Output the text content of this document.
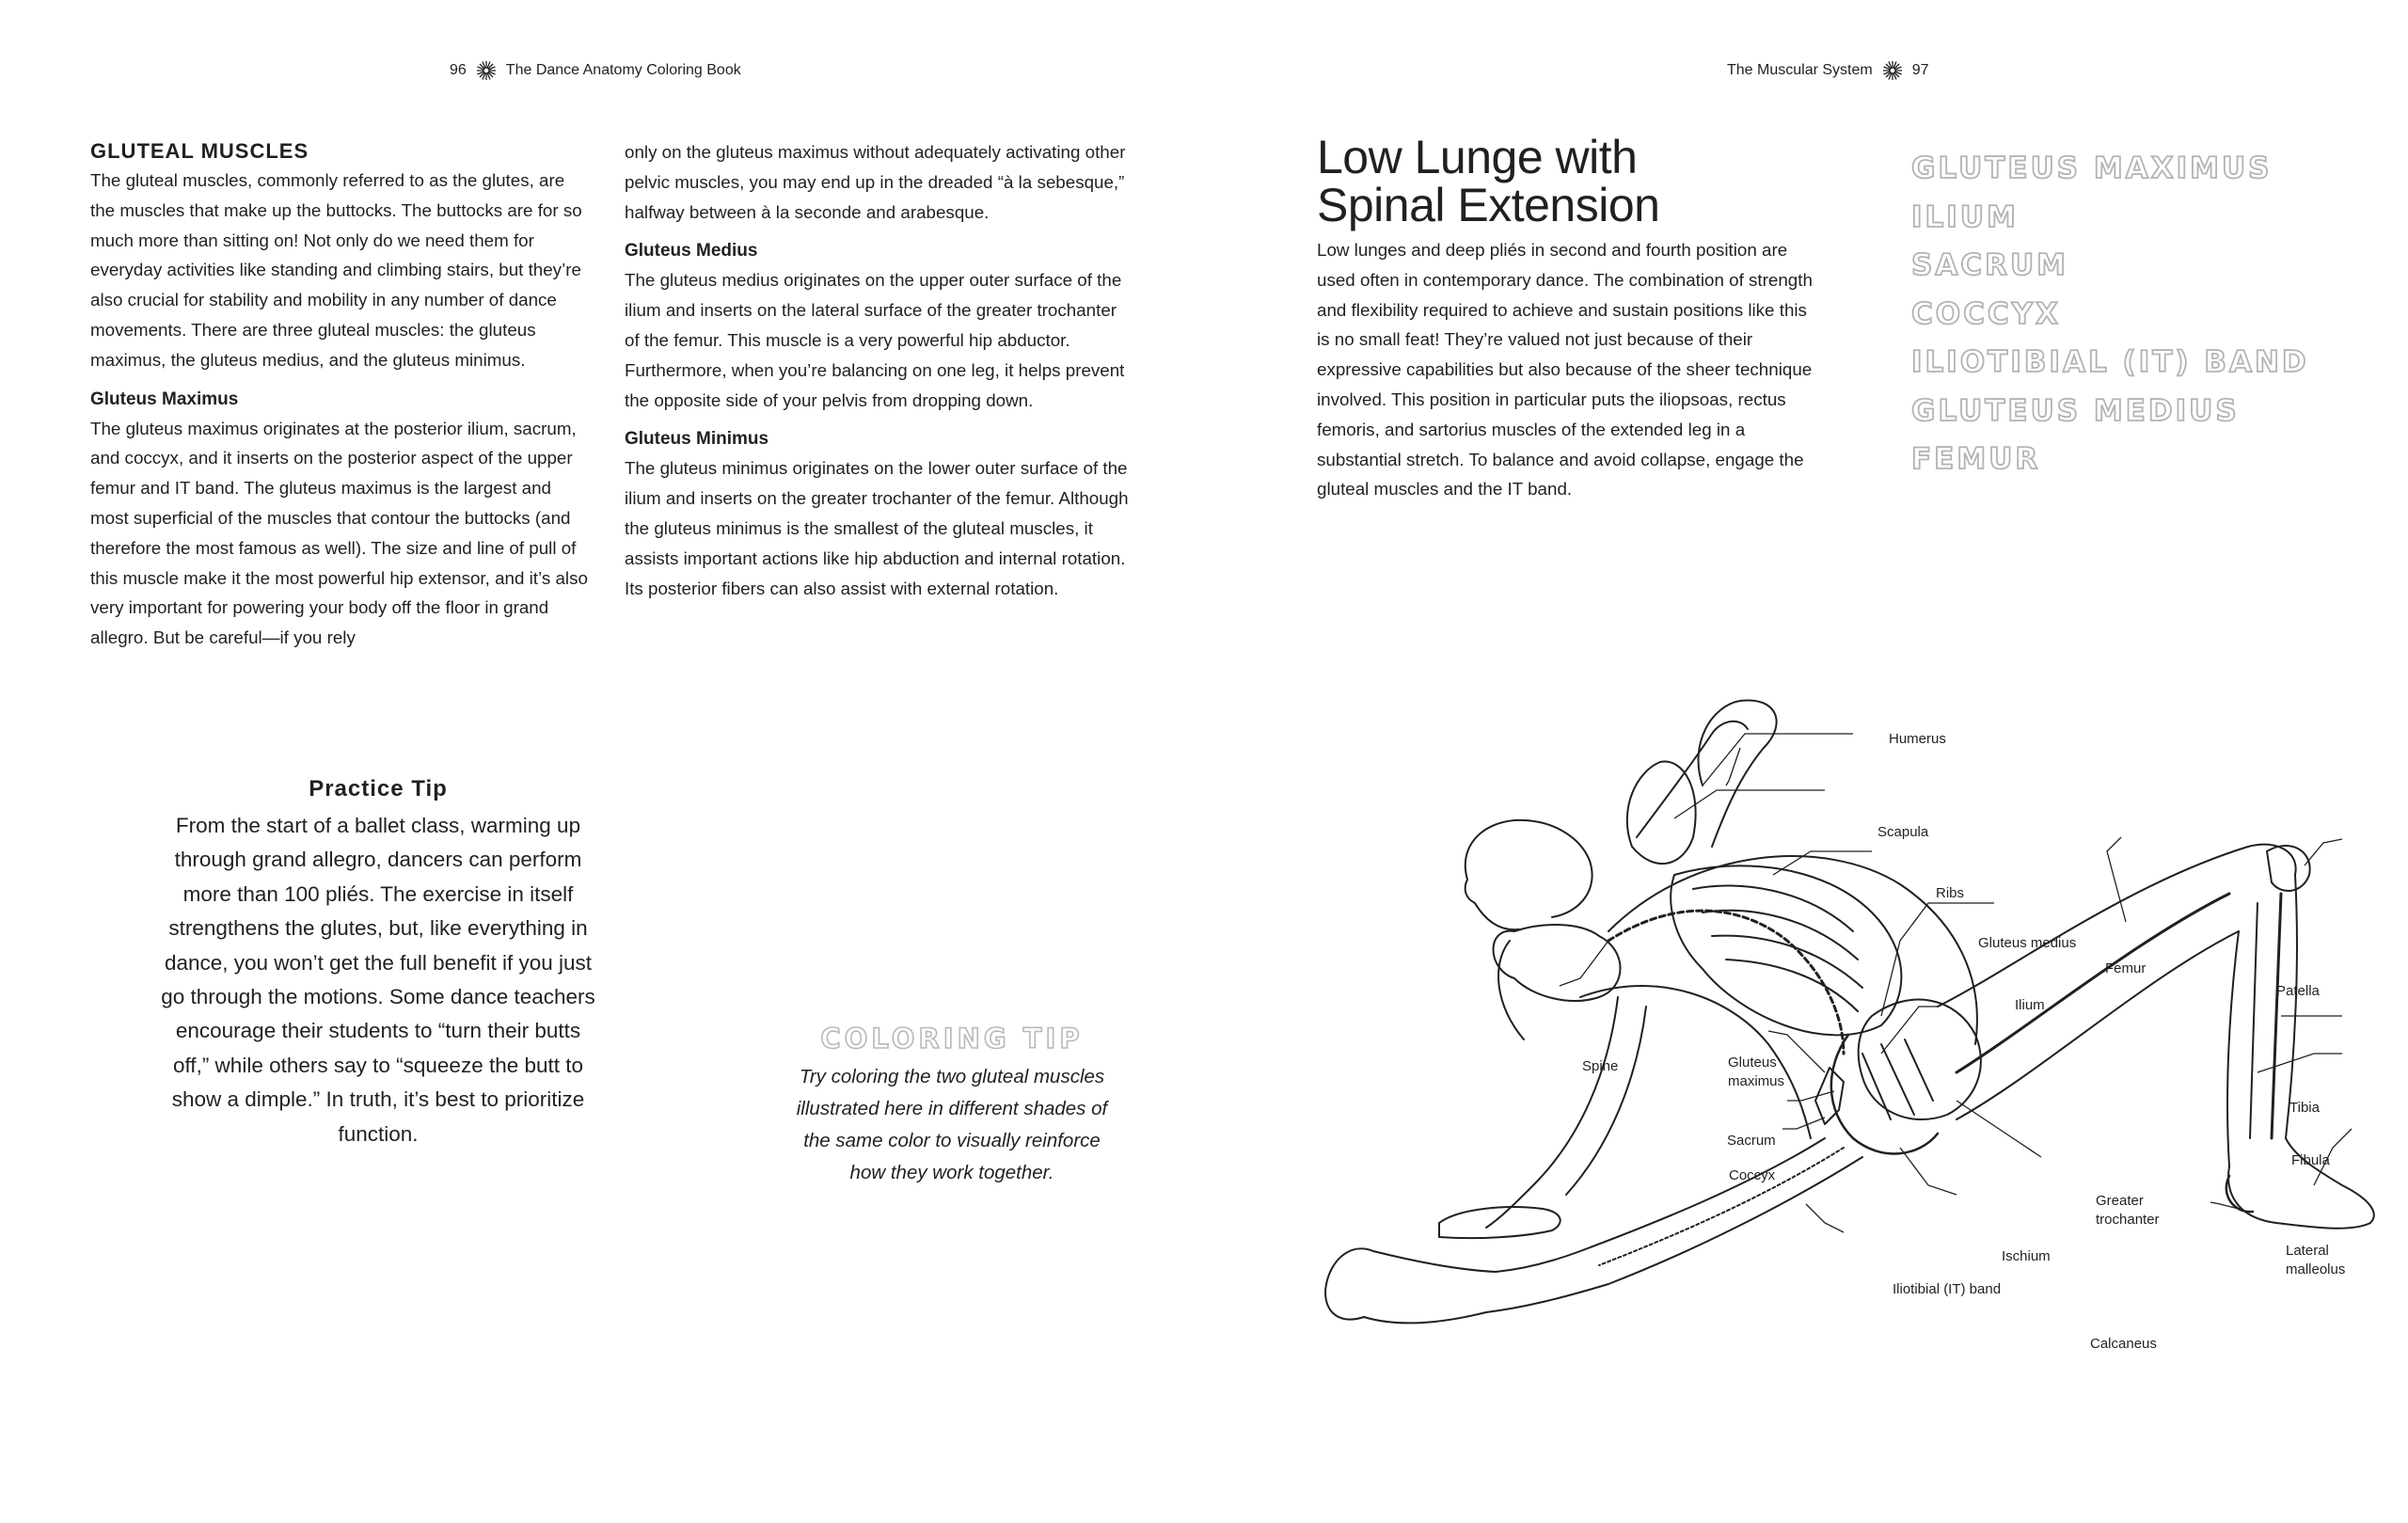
96	The Dance Anatomy Coloring Book

GLUTEAL MUSCLES

The gluteal muscles, commonly referred to as the glutes, are the muscles that make up the buttocks. The buttocks are for so much more than sitting on! Not only do we need them for everyday activities like standing and climbing stairs, but they’re also crucial for stability and mobility in any number of dance movements. There are three gluteal muscles: the gluteus maximus, the gluteus medius, and the gluteus minimus.

Gluteus Maximus

The gluteus maximus originates at the posterior ilium, sacrum, and coccyx, and it inserts on the posterior aspect of the upper femur and IT band. The gluteus maximus is the largest and most superficial of the muscles that contour the buttocks (and therefore the most famous as well). The size and line of pull of this muscle make it the most powerful hip extensor, and it’s also very important for powering your body off the floor in grand allegro. But be careful—if you rely

only on the gluteus maximus without adequately activating other pelvic muscles, you may end up in the dreaded “à la sebesque,” halfway between à la seconde and arabesque.

Gluteus Medius

The gluteus medius originates on the upper outer surface of the ilium and inserts on the lateral surface of the greater trochanter of the femur. This muscle is a very powerful hip abductor. Furthermore, when you’re balancing on one leg, it helps prevent the opposite side of your pelvis from dropping down.

Gluteus Minimus

The gluteus minimus originates on the lower outer surface of the ilium and inserts on the greater trochanter of the femur. Although the gluteus minimus is the smallest of the gluteal muscles, it assists important actions like hip abduction and internal rotation. Its posterior fibers can also assist with external rotation.

Practice Tip
From the start of a ballet class, warming up through grand allegro, dancers can perform more than 100 pliés. The exercise in itself strengthens the glutes, but, like everything in dance, you won’t get the full benefit if you just go through the motions. Some dance teachers encourage their students to “turn their butts off,” while others say to “squeeze the butt to show a dimple.” In truth, it’s best to prioritize function.
COLORING TIP
Try coloring the two gluteal muscles illustrated here in different shades of the same color to visually reinforce how they work together.
The Muscular System	97
Low Lunge with
Spinal Extension

Low lunges and deep pliés in second and fourth position are used often in contemporary dance. The combination of strength and flexibility required to achieve and sustain positions like this is no small feat! They’re valued not just because of their expressive capabilities but also because of the sheer technique involved. This position in particular puts the iliopsoas, rectus femoris, and sartorius muscles of the extended leg in a substantial stretch. To balance and avoid collapse, engage the gluteal muscles and the IT band.

GLUTEUS MAXIMUS
ILIUM
SACRUM
COCCYX
ILIOTIBIAL (IT) BAND
GLUTEUS MEDIUS
FEMUR
Humerus
Scapula
Ribs
Gluteus medius
Femur
Patella
Ilium
Spine	Gluteus
maximus
Tibia
Sacrum
Fibula
Coccyx
Greater
trochanter
Ischium	Lateral
malleolus
Iliotibial (IT) band
Calcaneus
